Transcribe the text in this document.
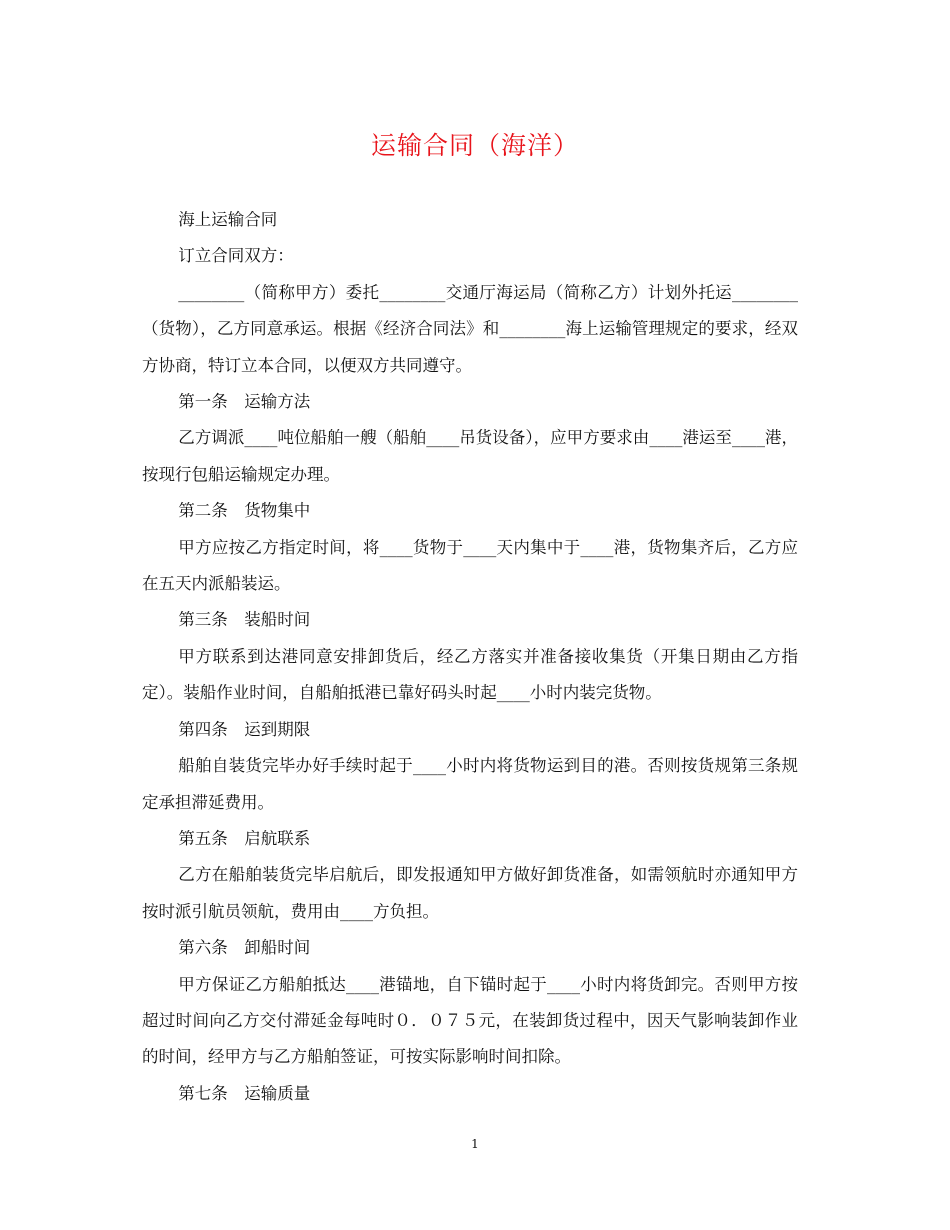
运输合同（海洋）

海上运输合同

订立合同双方：

________（简称甲方）委托________交通厅海运局（简称乙方）计划外托运________（货物），乙方同意承运。根据《经济合同法》和________海上运输管理规定的要求，经双方协商，特订立本合同，以便双方共同遵守。

第一条　运输方法

乙方调派____吨位船舶一艘（船舶____吊货设备），应甲方要求由____港运至____港，按现行包船运输规定办理。

第二条　货物集中

甲方应按乙方指定时间，将____货物于____天内集中于____港，货物集齐后，乙方应在五天内派船装运。

第三条　装船时间

甲方联系到达港同意安排卸货后，经乙方落实并准备接收集货（开集日期由乙方指定）。装船作业时间，自船舶抵港已靠好码头时起____小时内装完货物。

第四条　运到期限

船舶自装货完毕办好手续时起于____小时内将货物运到目的港。否则按货规第三条规定承担滞延费用。

第五条　启航联系

乙方在船舶装货完毕启航后，即发报通知甲方做好卸货准备，如需领航时亦通知甲方按时派引航员领航，费用由____方负担。

第六条　卸船时间

甲方保证乙方船舶抵达____港锚地，自下锚时起于____小时内将货卸完。否则甲方按超过时间向乙方交付滞延金每吨时０．０７５元，在装卸货过程中，因天气影响装卸作业的时间，经甲方与乙方船舶签证，可按实际影响时间扣除。

第七条　运输质量

1
